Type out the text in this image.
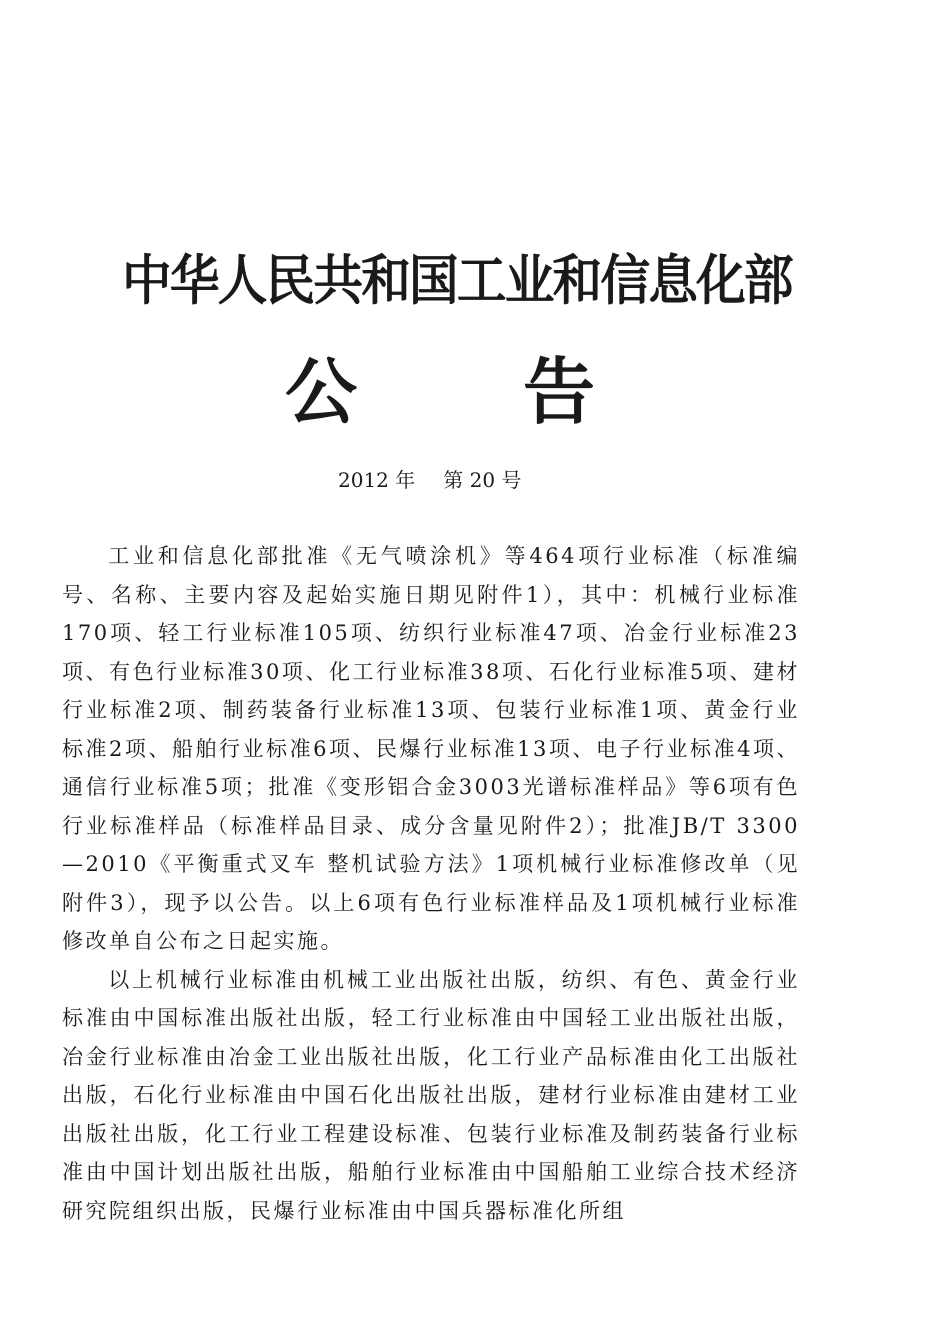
中华人民共和国工业和信息化部
公 告
2012 年 第 20 号

工业和信息化部批准《无气喷涂机》等464项行业标准（标准编号、名称、主要内容及起始实施日期见附件1），其中：机械行业标准170项、轻工行业标准105项、纺织行业标准47项、冶金行业标准23项、有色行业标准30项、化工行业标准38项、石化行业标准5项、建材行业标准2项、制药装备行业标准13项、包装行业标准1项、黄金行业标准2项、船舶行业标准6项、民爆行业标准13项、电子行业标准4项、通信行业标准5项；批准《变形铝合金3003光谱标准样品》等6项有色行业标准样品（标准样品目录、成分含量见附件2）；批准JB/T 3300—2010《平衡重式叉车 整机试验方法》1项机械行业标准修改单（见附件3），现予以公告。以上6项有色行业标准样品及1项机械行业标准修改单自公布之日起实施。

以上机械行业标准由机械工业出版社出版，纺织、有色、黄金行业标准由中国标准出版社出版，轻工行业标准由中国轻工业出版社出版，冶金行业标准由冶金工业出版社出版，化工行业产品标准由化工出版社出版，石化行业标准由中国石化出版社出版，建材行业标准由建材工业出版社出版，化工行业工程建设标准、包装行业标准及制药装备行业标准由中国计划出版社出版，船舶行业标准由中国船舶工业综合技术经济研究院组织出版，民爆行业标准由中国兵器标准化所组
